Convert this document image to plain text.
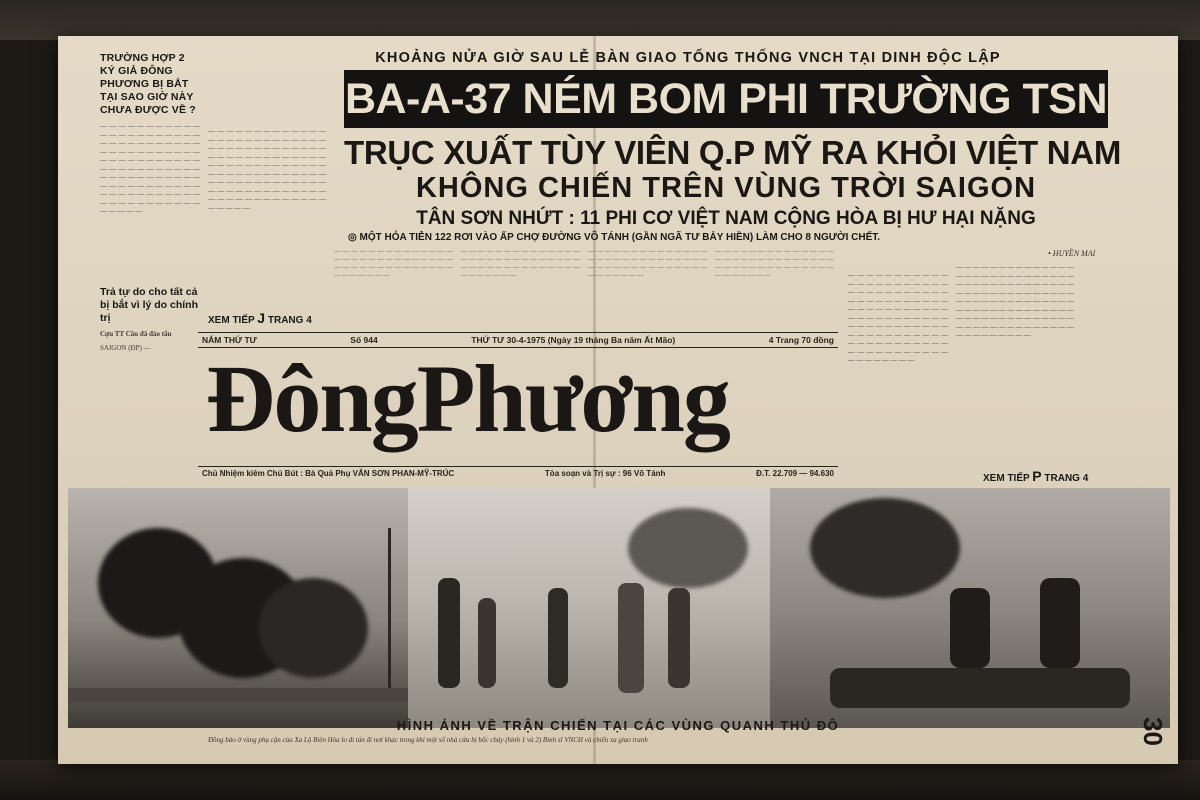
TRƯỜNG HỢP 2 KÝ GIẢ ĐÔNG PHƯƠNG BỊ BẮT TẠI SAO GIỜ NÀY CHƯA ĐƯỢC VỀ ?
— — — — — — — — — — — — — — — — — — — — — — — — — — — — — — — — — — — — — — — — — — — — — — — — — — — — — — — — — — — — — — — — — — — — — — — — — — — — — — — — — — — — — — — — — — — — — — — — — — — — — — — — — — — — — — — — — — —
— — — — — — — — — — — — — — — — — — — — — — — — — — — — — — — — — — — — — — — — — — — — — — — — — — — — — — — — — — — — — — — — — — — — — — — — — — — — — — — — — — — — — — — — — — — — — — — — — — — — — — — — — — — — — — — — — — — — — — — — — —
Trả tự do cho tất cả bị bắt vì lý do chính trị
Cựu TT Cầu đã đào tẩu
SAIGON (ĐP) —
KHOẢNG NỬA GIỜ SAU LỄ BÀN GIAO TỔNG THỐNG VNCH TẠI DINH ĐỘC LẬP
BA-A-37 NÉM BOM PHI TRƯỜNG TSN
TRỤC XUẤT TÙY VIÊN Q.P MỸ RA KHỎI VIỆT NAM
KHÔNG CHIẾN TRÊN VÙNG TRỜI SAIGON
TÂN SƠN NHỨT : 11 PHI CƠ VIỆT NAM CỘNG HÒA BỊ HƯ HẠI NẶNG
◎ MỘT HỎA TIỄN 122 RƠI VÀO ẤP CHỢ ĐƯỜNG VÕ TÁNH (GẦN NGÃ TƯ BẢY HIỀN) LÀM CHO 8 NGƯỜI CHẾT.
• HUYỀN MAI
— — — — — — — — — — — — — — — — — — — — — — — — — — — — — — — — — — — — — — — — — — — — — — — — —
— — — — — — — — — — — — — — — — — — — — — — — — — — — — — — — — — — — — — — — — — — — — — — — — —
— — — — — — — — — — — — — — — — — — — — — — — — — — — — — — — — — — — — — — — — — — — — — — — — —
— — — — — — — — — — — — — — — — — — — — — — — — — — — — — — — — — — — — — — — — — — — — — — — — —
XEM TIẾP J TRANG 4
NĂM THỨ TƯ	Số 944	THỨ TƯ 30-4-1975 (Ngày 19 tháng Ba năm Ất Mão)	4 Trang 70 đồng
ĐôngPhương
Chủ Nhiệm kiêm Chủ Bút : Bà Quả Phụ VĂN SƠN PHAN-MỸ-TRÚC	Tòa soạn và Trị sự : 96 Võ Tánh	Đ.T. 22.709 — 94.630
— — — — — — — — — — — — — — — — — — — — — — — — — — — — — — — — — — — — — — — — — — — — — — — — — — — — — — — — — — — — — — — — — — — — — — — — — — — — — — — — — — — — — — — — — — — — — — — — — — — — — — — — — — — — — — — — — — — — — —
— — — — — — — — — — — — — — — — — — — — — — — — — — — — — — — — — — — — — — — — — — — — — — — — — — — — — — — — — — — — — — — — — — — — — — — — — — — — — — — — — — — — — — — — — — — — — — — — — — — — — — — — — — — — — — — — — — — — — — — — —
XEM TIẾP P TRANG 4
HÌNH ẢNH VỀ TRẬN CHIẾN TẠI CÁC VÙNG QUANH THỦ ĐÔ
Đồng bào ở vùng phụ cận của Xa Lộ Biên Hòa lo di tản đi nơi khác trong khi một số nhà cửa bị bốc cháy (hình 1 và 2) Binh sĩ VNCH và chiến xa giao tranh	30
